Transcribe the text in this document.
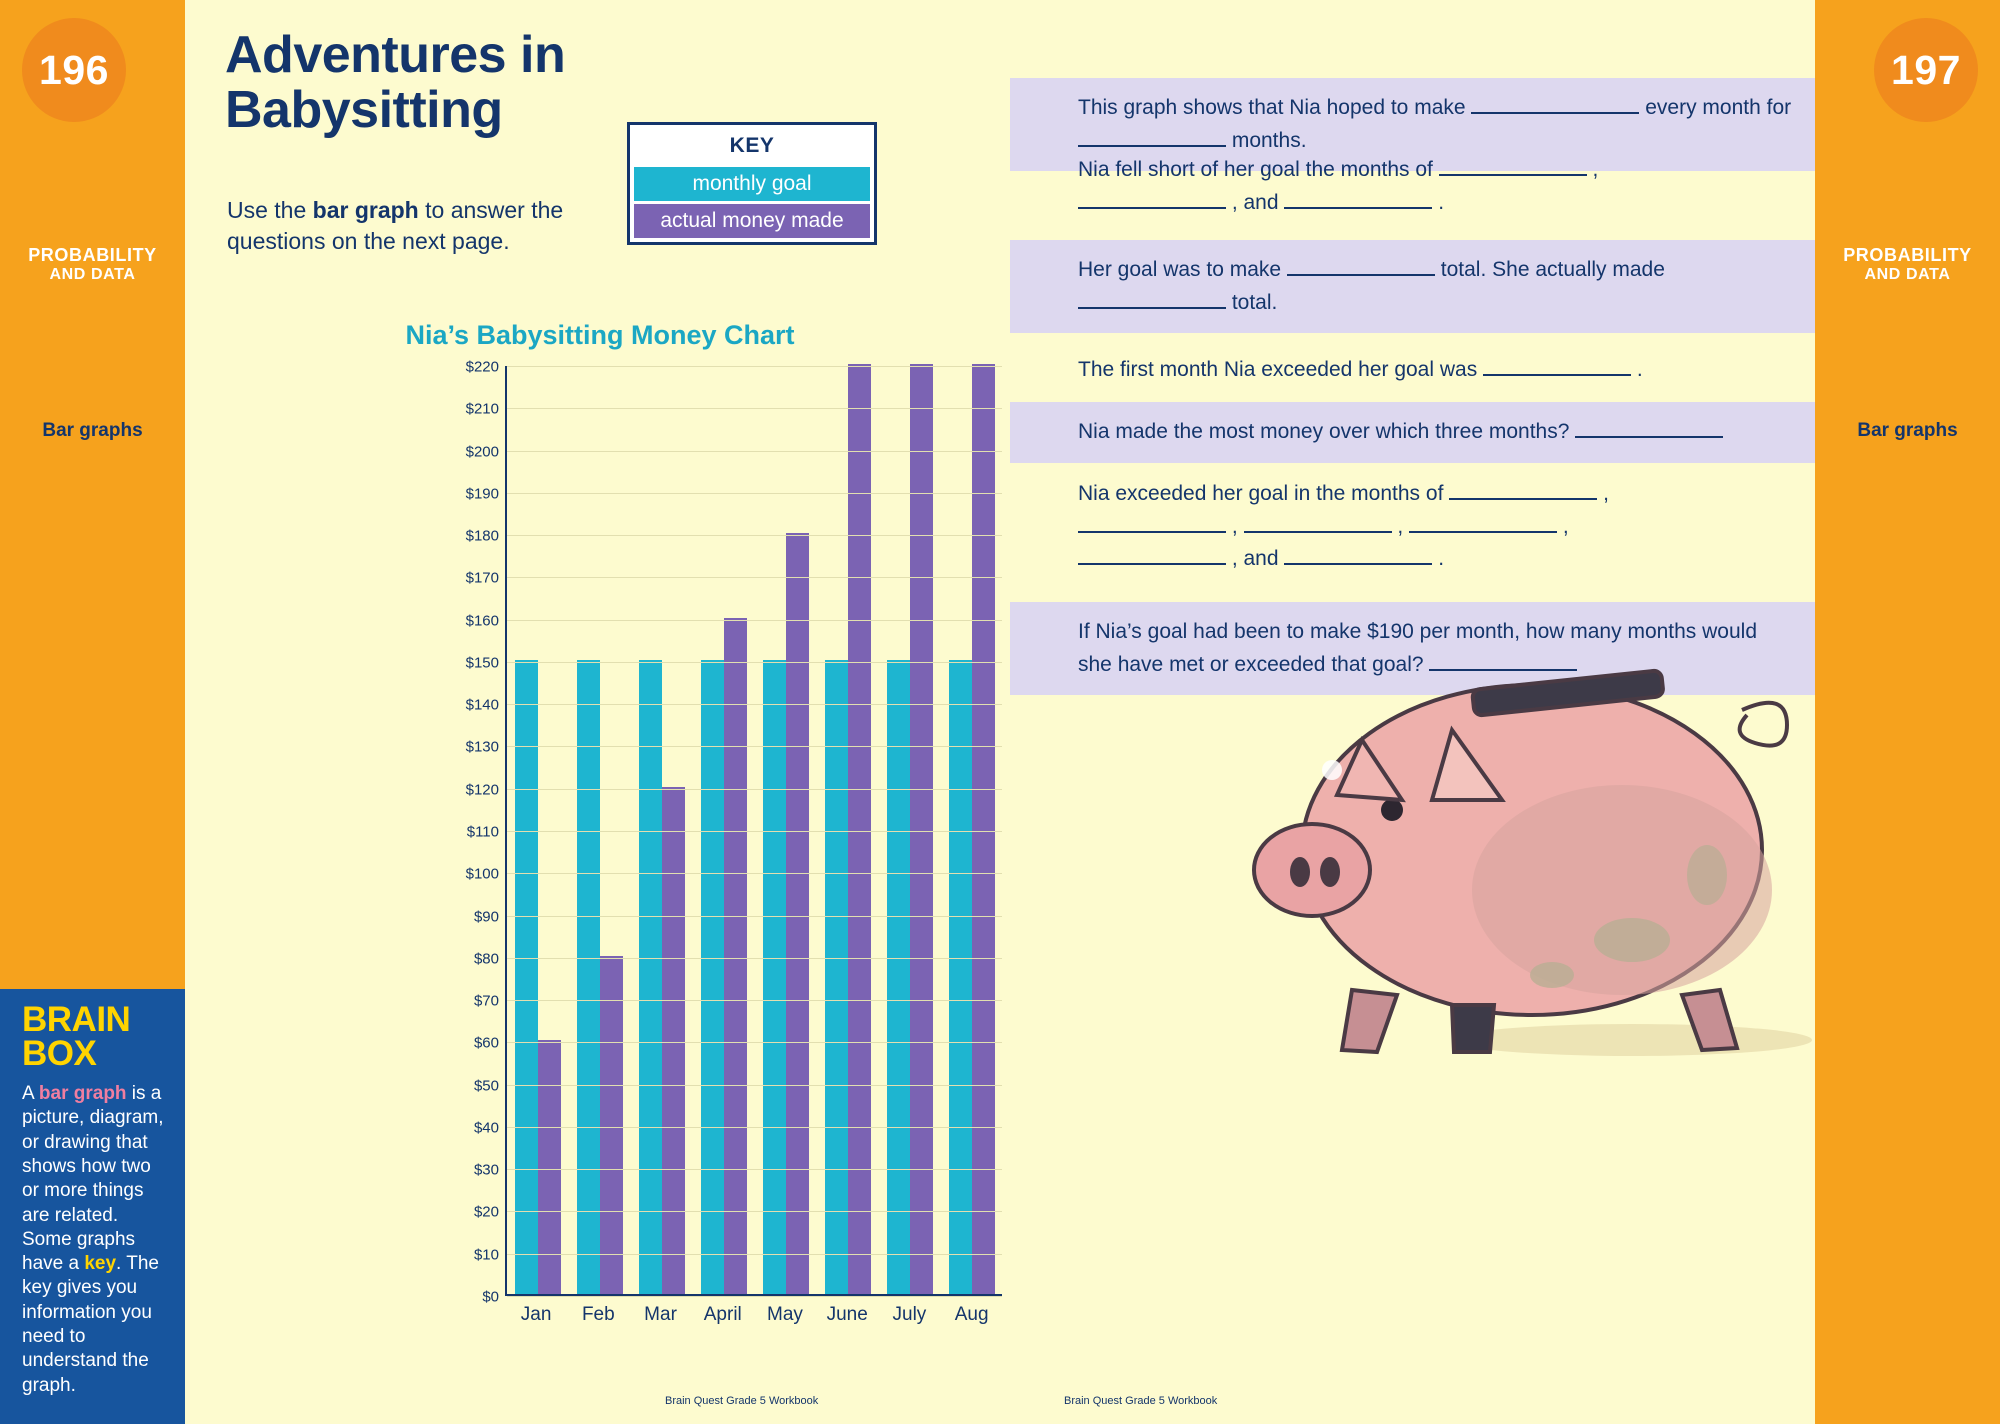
196
PROBABILITY
AND DATA
Bar graphs
BRAIN
BOX

A bar graph is a picture, diagram, or drawing that shows how two or more things are related. Some graphs have a key. The key gives you information you need to understand the graph.

Adventures in
Babysitting
Use the bar graph to answer the questions on the next page.
KEY
monthly goal
actual money made
Nia’s Babysitting Money Chart
$0
$10
$20
$30
$40
$50
$60
$70
$80
$90
$100
$110
$120
$130
$140
$150
$160
$170
$180
$190
$200
$210
$220
Jan	Feb	Mar	April	May	June	July	Aug
Brain Quest Grade 5 Workbook
This graph shows that Nia hoped to make	every month for  months.
Nia fell short of her goal the months of	,
, and	.
Her goal was to make	total. She actually made
total.
The first month Nia exceeded her goal was	.
Nia made the most money over which three months?
Nia exceeded her goal in the months of	,
,	,	,
, and	.
If Nia’s goal had been to make $190 per month, how many months would she have met or exceeded that goal?
Brain Quest Grade 5 Workbook
197
PROBABILITY
AND DATA
Bar graphs
